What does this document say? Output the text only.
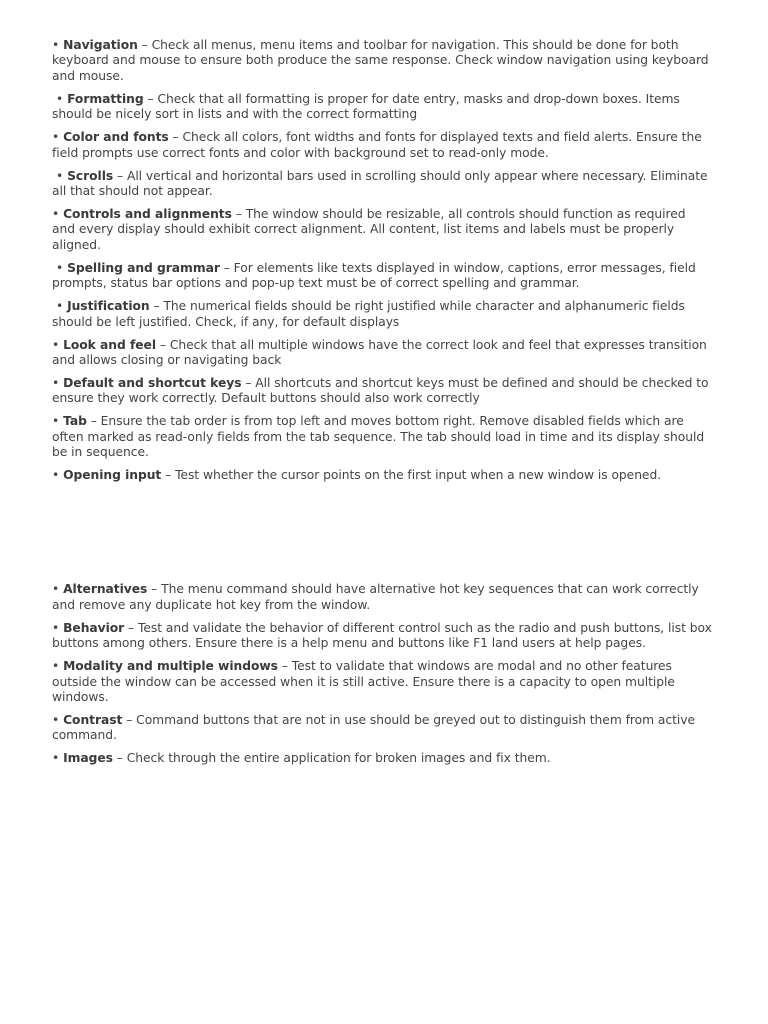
• Navigation – Check all menus, menu items and toolbar for navigation. This should be done for both keyboard and mouse to ensure both produce the same response. Check window navigation using keyboard and mouse.

• Formatting – Check that all formatting is proper for date entry, masks and drop-down boxes. Items should be nicely sort in lists and with the correct formatting

• Color and fonts – Check all colors, font widths and fonts for displayed texts and field alerts. Ensure the field prompts use correct fonts and color with background set to read-only mode.

• Scrolls – All vertical and horizontal bars used in scrolling should only appear where necessary. Eliminate all that should not appear.

• Controls and alignments – The window should be resizable, all controls should function as required and every display should exhibit correct alignment. All content, list items and labels must be properly aligned.

• Spelling and grammar – For elements like texts displayed in window, captions, error messages, field prompts, status bar options and pop-up text must be of correct spelling and grammar.

• Justification – The numerical fields should be right justified while character and alphanumeric fields should be left justified. Check, if any, for default displays

• Look and feel – Check that all multiple windows have the correct look and feel that expresses transition and allows closing or navigating back

• Default and shortcut keys – All shortcuts and shortcut keys must be defined and should be checked to ensure they work correctly. Default buttons should also work correctly

• Tab – Ensure the tab order is from top left and moves bottom right. Remove disabled fields which are often marked as read-only fields from the tab sequence. The tab should load in time and its display should be in sequence.

• Opening input – Test whether the cursor points on the first input when a new window is opened.

• Alternatives – The menu command should have alternative hot key sequences that can work correctly and remove any duplicate hot key from the window.

• Behavior – Test and validate the behavior of different control such as the radio and push buttons, list box buttons among others. Ensure there is a help menu and buttons like F1 land users at help pages.

• Modality and multiple windows – Test to validate that windows are modal and no other features outside the window can be accessed when it is still active. Ensure there is a capacity to open multiple windows.

• Contrast – Command buttons that are not in use should be greyed out to distinguish them from active command.

• Images – Check through the entire application for broken images and fix them.
